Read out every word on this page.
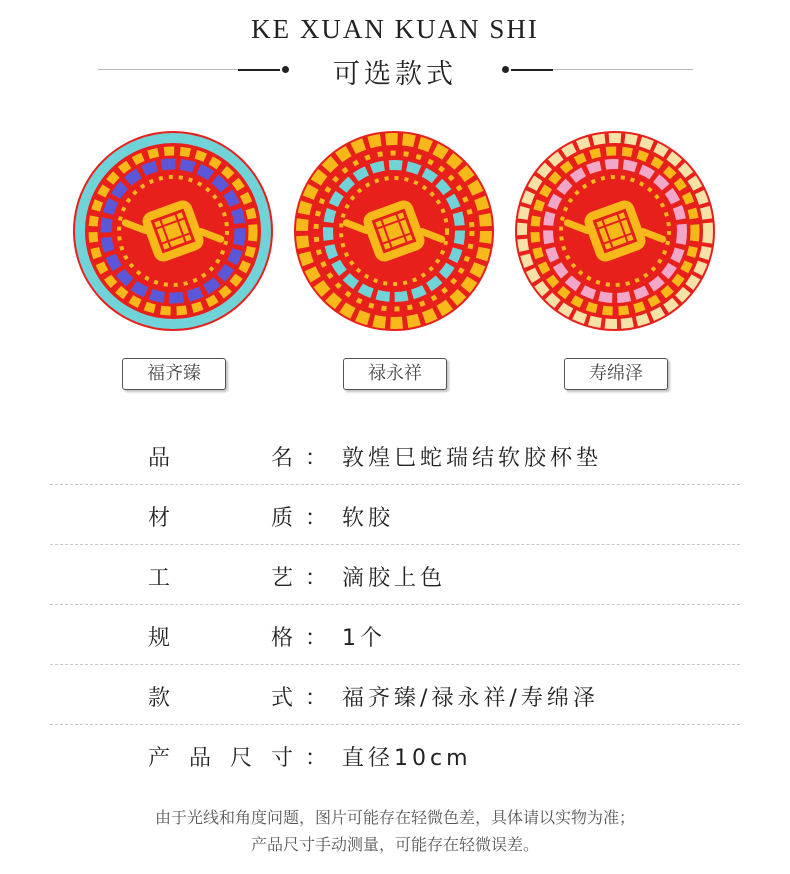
KE XUAN KUAN SHI
可选款式
福齐臻	禄永祥	寿绵泽
品	名 ： 敦煌巳蛇瑞结软胶杯垫
材	质 ： 软胶
工	艺 ： 滴胶上色
规	格 ： 1个
款	式 ： 福齐臻/禄永祥/寿绵泽
产 品 尺 寸 ： 直径10cm
由于光线和角度问题，图片可能存在轻微色差，具体请以实物为准；
产品尺寸手动测量，可能存在轻微误差。
